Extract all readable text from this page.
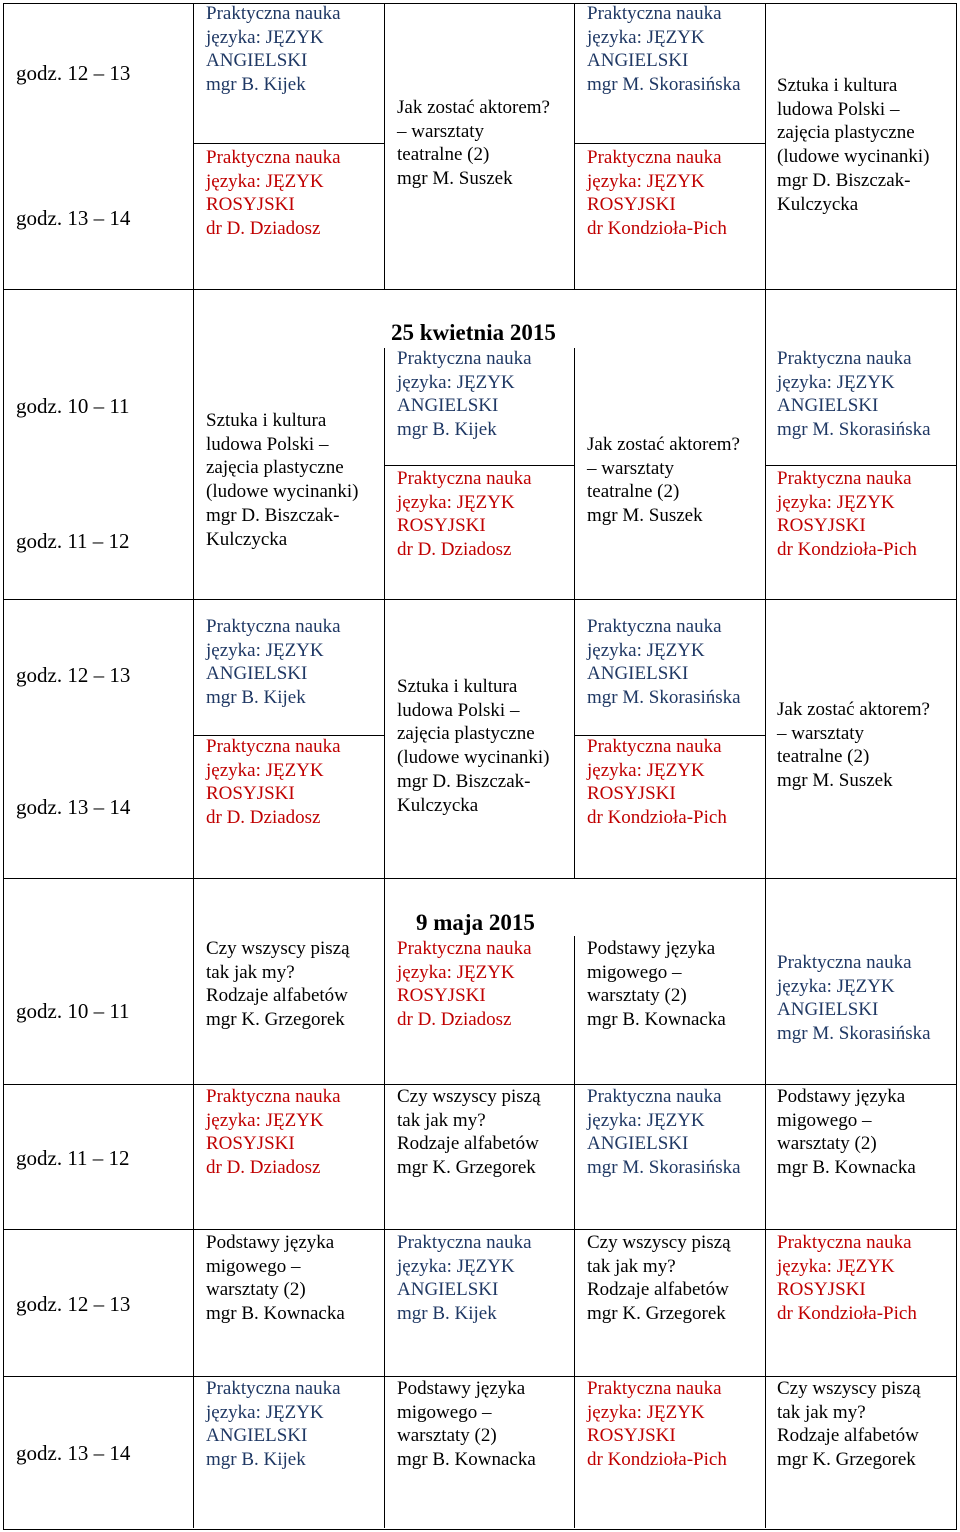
25 kwietnia 2015
9 maja 2015
godz. 12 – 13
godz. 13 – 14
godz. 10 – 11
godz. 11 – 12
godz. 12 – 13
godz. 13 – 14
godz. 10 – 11
godz. 11 – 12
godz. 12 – 13
godz. 13 – 14
Praktyczna nauka
języka: JĘZYK
ANGIELSKI
mgr B. Kijek
Praktyczna nauka
języka: JĘZYK
ROSYJSKI
dr D. Dziadosz
Jak zostać aktorem?
– warsztaty
teatralne (2)
mgr M. Suszek
Praktyczna nauka
języka: JĘZYK
ANGIELSKI
mgr M. Skorasińska
Praktyczna nauka
języka: JĘZYK
ROSYJSKI
dr Kondzioła-Pich
Sztuka i kultura
ludowa Polski –
zajęcia plastyczne
(ludowe wycinanki)
mgr D. Biszczak-
Kulczycka
Sztuka i kultura
ludowa Polski –
zajęcia plastyczne
(ludowe wycinanki)
mgr D. Biszczak-
Kulczycka
Praktyczna nauka
języka: JĘZYK
ANGIELSKI
mgr B. Kijek
Praktyczna nauka
języka: JĘZYK
ROSYJSKI
dr D. Dziadosz
Jak zostać aktorem?
– warsztaty
teatralne (2)
mgr M. Suszek
Praktyczna nauka
języka: JĘZYK
ANGIELSKI
mgr M. Skorasińska
Praktyczna nauka
języka: JĘZYK
ROSYJSKI
dr Kondzioła-Pich
Praktyczna nauka
języka: JĘZYK
ANGIELSKI
mgr B. Kijek
Praktyczna nauka
języka: JĘZYK
ROSYJSKI
dr D. Dziadosz
Sztuka i kultura
ludowa Polski –
zajęcia plastyczne
(ludowe wycinanki)
mgr D. Biszczak-
Kulczycka
Praktyczna nauka
języka: JĘZYK
ANGIELSKI
mgr M. Skorasińska
Praktyczna nauka
języka: JĘZYK
ROSYJSKI
dr Kondzioła-Pich
Jak zostać aktorem?
– warsztaty
teatralne (2)
mgr M. Suszek
Czy wszyscy piszą
tak jak my?
Rodzaje alfabetów
mgr K. Grzegorek
Praktyczna nauka
języka: JĘZYK
ROSYJSKI
dr D. Dziadosz
Podstawy języka
migowego –
warsztaty (2)
mgr B. Kownacka
Praktyczna nauka
języka: JĘZYK
ANGIELSKI
mgr M. Skorasińska
Praktyczna nauka
języka: JĘZYK
ROSYJSKI
dr D. Dziadosz
Czy wszyscy piszą
tak jak my?
Rodzaje alfabetów
mgr K. Grzegorek
Praktyczna nauka
języka: JĘZYK
ANGIELSKI
mgr M. Skorasińska
Podstawy języka
migowego –
warsztaty (2)
mgr B. Kownacka
Podstawy języka
migowego –
warsztaty (2)
mgr B. Kownacka
Praktyczna nauka
języka: JĘZYK
ANGIELSKI
mgr B. Kijek
Czy wszyscy piszą
tak jak my?
Rodzaje alfabetów
mgr K. Grzegorek
Praktyczna nauka
języka: JĘZYK
ROSYJSKI
dr Kondzioła-Pich
Praktyczna nauka
języka: JĘZYK
ANGIELSKI
mgr B. Kijek
Podstawy języka
migowego –
warsztaty (2)
mgr B. Kownacka
Praktyczna nauka
języka: JĘZYK
ROSYJSKI
dr Kondzioła-Pich
Czy wszyscy piszą
tak jak my?
Rodzaje alfabetów
mgr K. Grzegorek
